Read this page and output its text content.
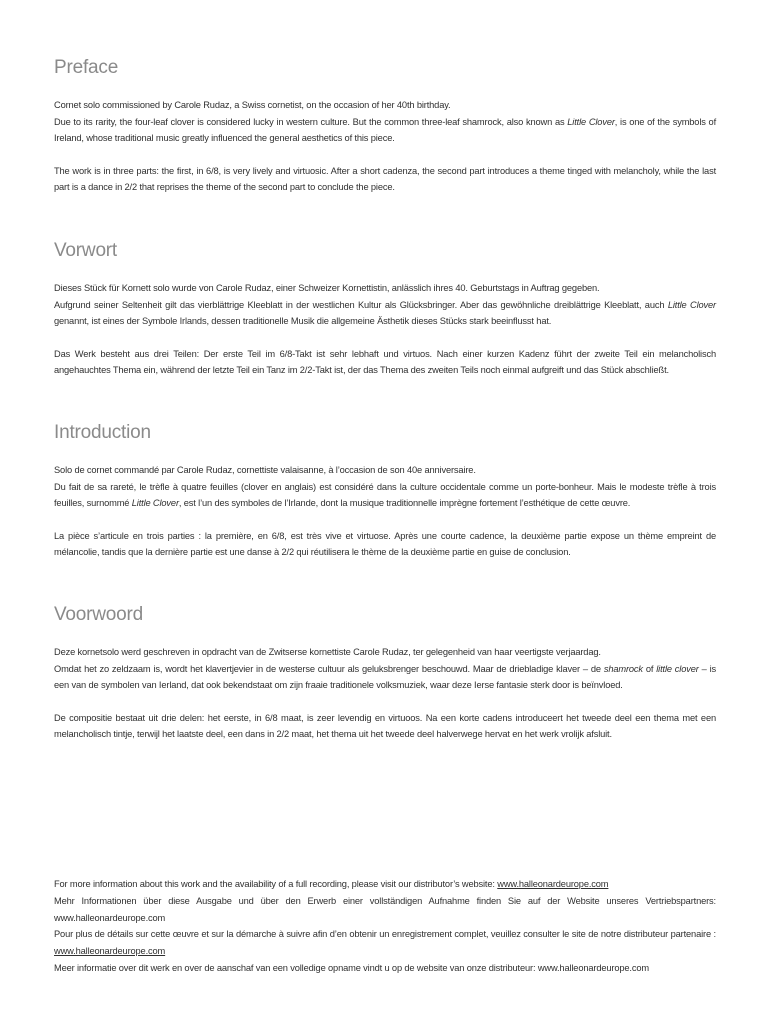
Preface

Cornet solo commissioned by Carole Rudaz, a Swiss cornetist, on the occasion of her 40th birthday.
Due to its rarity, the four-leaf clover is considered lucky in western culture. But the common three-leaf shamrock, also known as Little Clover, is one of the symbols of Ireland, whose traditional music greatly influenced the general aesthetics of this piece.

The work is in three parts: the first, in 6/8, is very lively and virtuosic. After a short cadenza, the second part introduces a theme tinged with melancholy, while the last part is a dance in 2/2 that reprises the theme of the second part to conclude the piece.

Vorwort

Dieses Stück für Kornett solo wurde von Carole Rudaz, einer Schweizer Kornettistin, anlässlich ihres 40. Geburtstags in Auftrag gegeben.
Aufgrund seiner Seltenheit gilt das vierblättrige Kleeblatt in der westlichen Kultur als Glücksbringer. Aber das gewöhnliche dreiblättrige Kleeblatt, auch Little Clover genannt, ist eines der Symbole Irlands, dessen traditionelle Musik die allgemeine Ästhetik dieses Stücks stark beeinflusst hat.

Das Werk besteht aus drei Teilen: Der erste Teil im 6/8-Takt ist sehr lebhaft und virtuos. Nach einer kurzen Kadenz führt der zweite Teil ein melancholisch angehauchtes Thema ein, während der letzte Teil ein Tanz im 2/2-Takt ist, der das Thema des zweiten Teils noch einmal aufgreift und das Stück abschließt.

Introduction

Solo de cornet commandé par Carole Rudaz, cornettiste valaisanne, à l’occasion de son 40e anniversaire.
Du fait de sa rareté, le trèfle à quatre feuilles (clover en anglais) est considéré dans la culture occidentale comme un porte-bonheur. Mais le modeste trèfle à trois feuilles, surnommé Little Clover, est l’un des symboles de l’Irlande, dont la musique traditionnelle imprègne fortement l’esthétique de cette œuvre.

La pièce s’articule en trois parties : la première, en 6/8, est très vive et virtuose. Après une courte cadence, la deuxième partie expose un thème empreint de mélancolie, tandis que la dernière partie est une danse à 2/2 qui réutilisera le thème de la deuxième partie en guise de conclusion.

Voorwoord

Deze kornetsolo werd geschreven in opdracht van de Zwitserse kornettiste Carole Rudaz, ter gelegenheid van haar veertigste verjaardag.
Omdat het zo zeldzaam is, wordt het klavertjevier in de westerse cultuur als geluksbrenger beschouwd. Maar de driebladige klaver – de shamrock of little clover – is een van de symbolen van Ierland, dat ook bekendstaat om zijn fraaie traditionele volksmuziek, waar deze Ierse fantasie sterk door is beïnvloed.

De compositie bestaat uit drie delen: het eerste, in 6/8 maat, is zeer levendig en virtuoos. Na een korte cadens introduceert het tweede deel een thema met een melancholisch tintje, terwijl het laatste deel, een dans in 2/2 maat, het thema uit het tweede deel halverwege hervat en het werk vrolijk afsluit.

For more information about this work and the availability of a full recording, please visit our distributor’s website: www.halleonardeurope.com

Mehr Informationen über diese Ausgabe und über den Erwerb einer vollständigen Aufnahme finden Sie auf der Website unseres Vertriebspartners: www.halleonardeurope.com

Pour plus de détails sur cette œuvre et sur la démarche à suivre afin d’en obtenir un enregistrement complet, veuillez consulter le site de notre distributeur partenaire : www.halleonardeurope.com

Meer informatie over dit werk en over de aanschaf van een volledige opname vindt u op de website van onze distributeur: www.halleonardeurope.com
